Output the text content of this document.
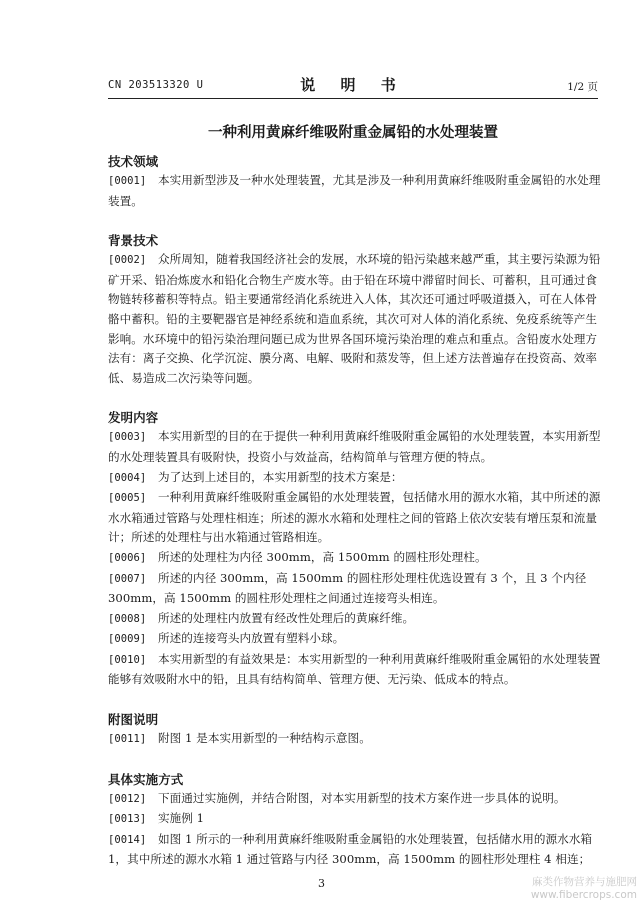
CN 203513320 U	说 明 书	1/2 页
一种利用黄麻纤维吸附重金属铅的水处理装置
技术领域
[0001] 本实用新型涉及一种水处理装置，尤其是涉及一种利用黄麻纤维吸附重金属铅的水处理装置。
背景技术
[0002] 众所周知，随着我国经济社会的发展，水环境的铅污染越来越严重，其主要污染源为铅矿开采、铅冶炼废水和铅化合物生产废水等。由于铅在环境中滞留时间长、可蓄积，且可通过食物链转移蓄积等特点。铅主要通常经消化系统进入人体，其次还可通过呼吸道摄入，可在人体骨骼中蓄积。铅的主要靶器官是神经系统和造血系统，其次可对人体的消化系统、免疫系统等产生影响。水环境中的铅污染治理问题已成为世界各国环境污染治理的难点和重点。含铅废水处理方法有：离子交换、化学沉淀、膜分离、电解、吸附和蒸发等，但上述方法普遍存在投资高、效率低、易造成二次污染等问题。
发明内容
[0003] 本实用新型的目的在于提供一种利用黄麻纤维吸附重金属铅的水处理装置，本实用新型的水处理装置具有吸附快，投资小与效益高，结构简单与管理方便的特点。
[0004] 为了达到上述目的，本实用新型的技术方案是：
[0005] 一种利用黄麻纤维吸附重金属铅的水处理装置，包括储水用的源水水箱，其中所述的源水水箱通过管路与处理柱相连；所述的源水水箱和处理柱之间的管路上依次安装有增压泵和流量计；所述的处理柱与出水箱通过管路相连。
[0006] 所述的处理柱为内径 300mm，高 1500mm 的圆柱形处理柱。
[0007] 所述的内径 300mm，高 1500mm 的圆柱形处理柱优选设置有 3 个，且 3 个内径 300mm，高 1500mm 的圆柱形处理柱之间通过连接弯头相连。
[0008] 所述的处理柱内放置有经改性处理后的黄麻纤维。
[0009] 所述的连接弯头内放置有塑料小球。
[0010] 本实用新型的有益效果是：本实用新型的一种利用黄麻纤维吸附重金属铅的水处理装置能够有效吸附水中的铅，且具有结构简单、管理方便、无污染、低成本的特点。
附图说明
[0011] 附图 1 是本实用新型的一种结构示意图。
具体实施方式
[0012] 下面通过实施例，并结合附图，对本实用新型的技术方案作进一步具体的说明。
[0013] 实施例 1
[0014] 如图 1 所示的一种利用黄麻纤维吸附重金属铅的水处理装置，包括储水用的源水水箱 1，其中所述的源水水箱 1 通过管路与内径 300mm，高 1500mm 的圆柱形处理柱 4 相连；
3	麻类作物营养与施肥网
www.fibercrops.com
